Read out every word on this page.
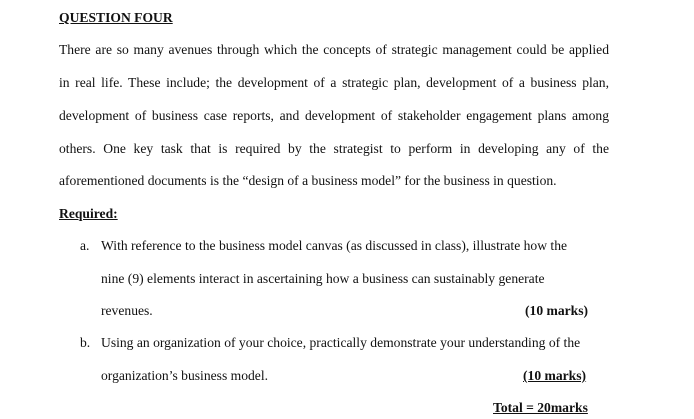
QUESTION FOUR
There are so many avenues through which the concepts of strategic management could be applied
in real life. These include; the development of a strategic plan, development of a business plan,
development of business case reports, and development of stakeholder engagement plans among
others. One key task that is required by the strategist to perform in developing any of the
aforementioned documents is the “design of a business model” for the business in question.
Required:
a. With reference to the business model canvas (as discussed in class), illustrate how the
nine (9) elements interact in ascertaining how a business can sustainably generate
revenues.	(10 marks)
b. Using an organization of your choice, practically demonstrate your understanding of the
organization’s business model.	(10 marks)
Total = 20marks
